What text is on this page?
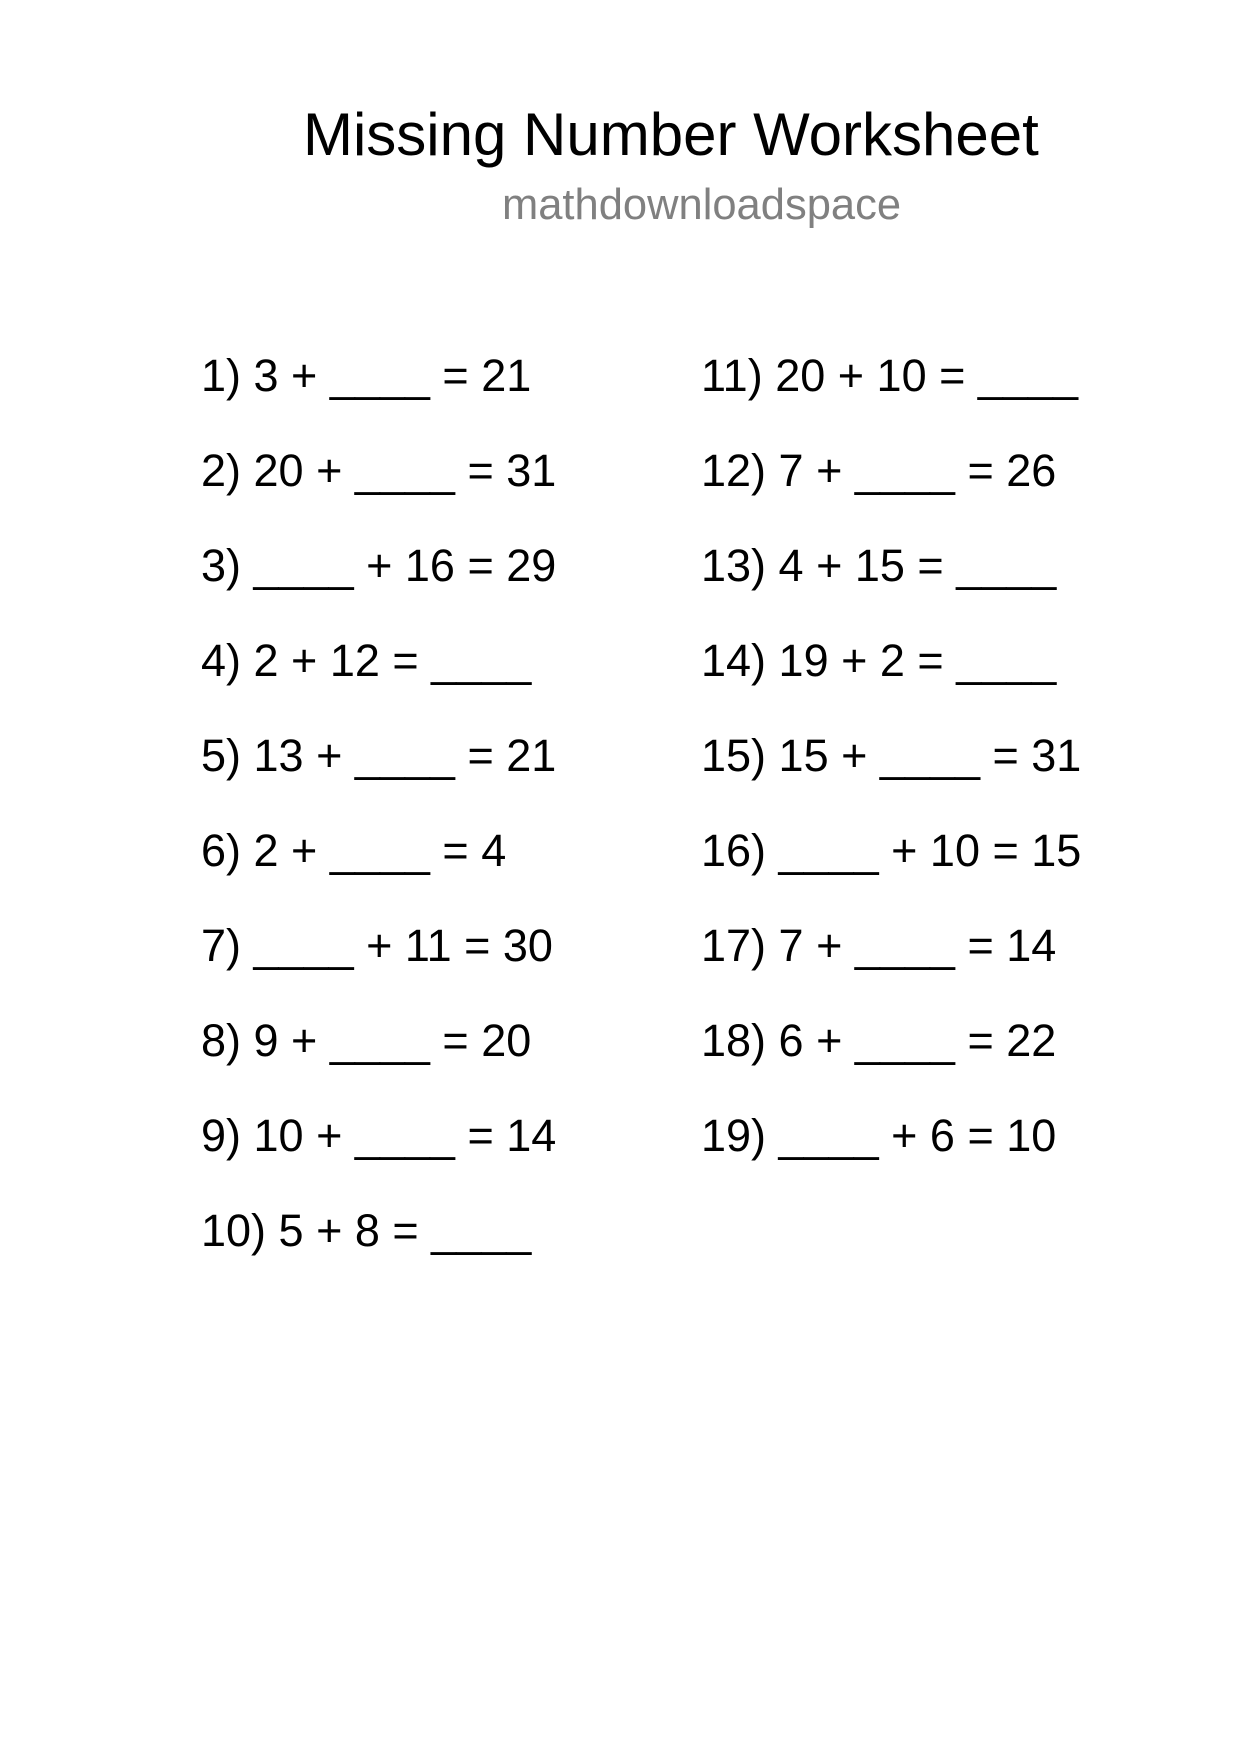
Missing Number Worksheet
mathdownloadspace
1) 3 + ____ = 21
2) 20 + ____ = 31
3) ____ + 16 = 29
4) 2 + 12 = ____
5) 13 + ____ = 21
6) 2 + ____ = 4
7) ____ + 11 = 30
8) 9 + ____ = 20
9) 10 + ____ = 14
10) 5 + 8 = ____
11) 20 + 10 = ____
12) 7 + ____ = 26
13) 4 + 15 = ____
14) 19 + 2 = ____
15) 15 + ____ = 31
16) ____ + 10 = 15
17) 7 + ____ = 14
18) 6 + ____ = 22
19) ____ + 6 = 10
